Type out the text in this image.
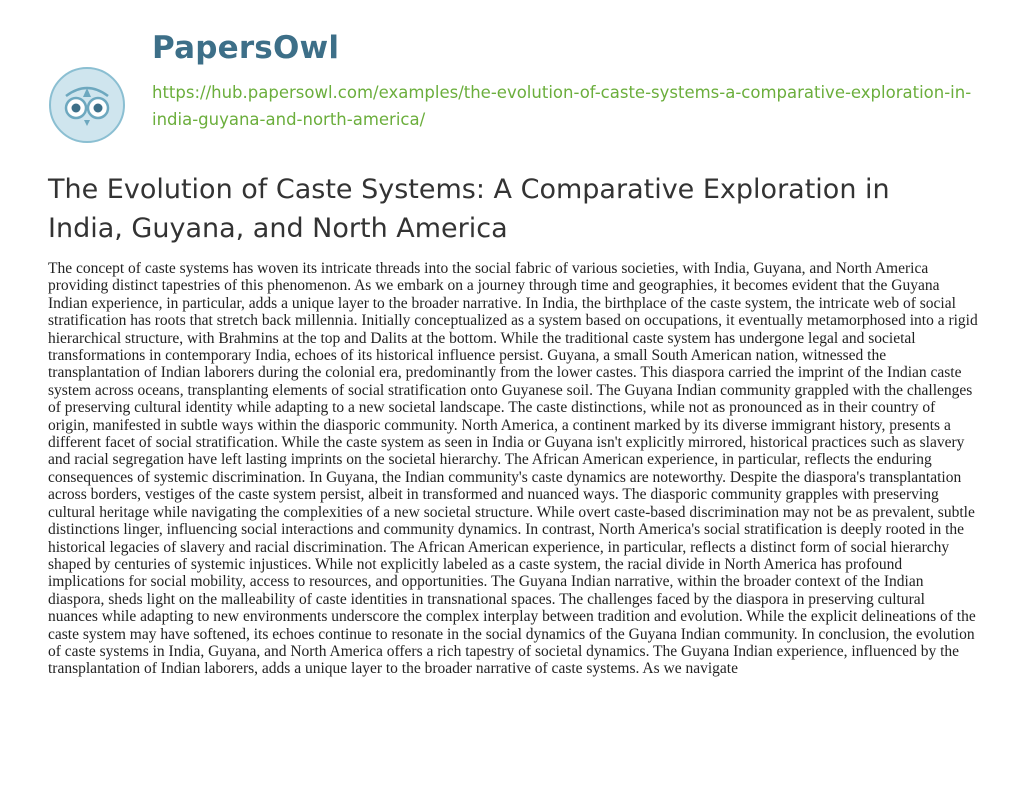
PapersOwl
https://hub.papersowl.com/examples/the-evolution-of-caste-systems-a-comparative-exploration-in-india-guyana-and-north-america/
The Evolution of Caste Systems: A Comparative Exploration in India, Guyana, and North America

The concept of caste systems has woven its intricate threads into the social fabric of various societies, with India, Guyana, and North America providing distinct tapestries of this phenomenon. As we embark on a journey through time and geographies, it becomes evident that the Guyana Indian experience, in particular, adds a unique layer to the broader narrative. In India, the birthplace of the caste system, the intricate web of social stratification has roots that stretch back millennia. Initially conceptualized as a system based on occupations, it eventually metamorphosed into a rigid hierarchical structure, with Brahmins at the top and Dalits at the bottom. While the traditional caste system has undergone legal and societal transformations in contemporary India, echoes of its historical influence persist. Guyana, a small South American nation, witnessed the transplantation of Indian laborers during the colonial era, predominantly from the lower castes. This diaspora carried the imprint of the Indian caste system across oceans, transplanting elements of social stratification onto Guyanese soil. The Guyana Indian community grappled with the challenges of preserving cultural identity while adapting to a new societal landscape. The caste distinctions, while not as pronounced as in their country of origin, manifested in subtle ways within the diasporic community. North America, a continent marked by its diverse immigrant history, presents a different facet of social stratification. While the caste system as seen in India or Guyana isn't explicitly mirrored, historical practices such as slavery and racial segregation have left lasting imprints on the societal hierarchy. The African American experience, in particular, reflects the enduring consequences of systemic discrimination. In Guyana, the Indian community's caste dynamics are noteworthy. Despite the diaspora's transplantation across borders, vestiges of the caste system persist, albeit in transformed and nuanced ways. The diasporic community grapples with preserving cultural heritage while navigating the complexities of a new societal structure. While overt caste-based discrimination may not be as prevalent, subtle distinctions linger, influencing social interactions and community dynamics. In contrast, North America's social stratification is deeply rooted in the historical legacies of slavery and racial discrimination. The African American experience, in particular, reflects a distinct form of social hierarchy shaped by centuries of systemic injustices. While not explicitly labeled as a caste system, the racial divide in North America has profound implications for social mobility, access to resources, and opportunities. The Guyana Indian narrative, within the broader context of the Indian diaspora, sheds light on the malleability of caste identities in transnational spaces. The challenges faced by the diaspora in preserving cultural nuances while adapting to new environments underscore the complex interplay between tradition and evolution. While the explicit delineations of the caste system may have softened, its echoes continue to resonate in the social dynamics of the Guyana Indian community. In conclusion, the evolution of caste systems in India, Guyana, and North America offers a rich tapestry of societal dynamics. The Guyana Indian experience, influenced by the transplantation of Indian laborers, adds a unique layer to the broader narrative of caste systems. As we navigate
